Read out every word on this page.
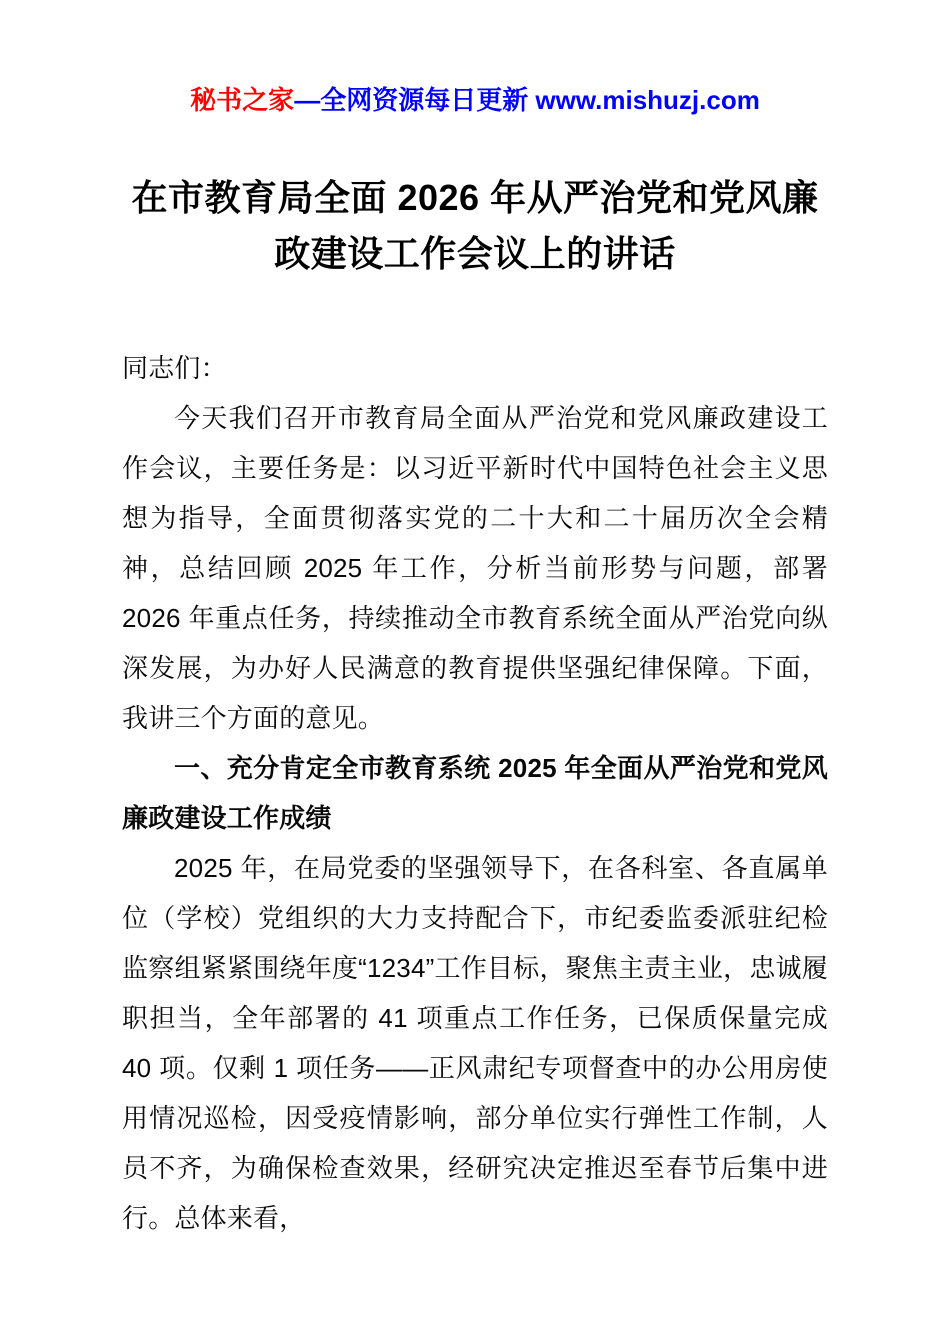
秘书之家—全网资源每日更新 www.mishuzj.com
在市教育局全面 2026 年从严治党和党风廉政建设工作会议上的讲话

同志们：

今天我们召开市教育局全面从严治党和党风廉政建设工作会议，主要任务是：以习近平新时代中国特色社会主义思想为指导，全面贯彻落实党的二十大和二十届历次全会精神，总结回顾 2025 年工作，分析当前形势与问题，部署 2026 年重点任务，持续推动全市教育系统全面从严治党向纵深发展，为办好人民满意的教育提供坚强纪律保障。下面，我讲三个方面的意见。

一、充分肯定全市教育系统 2025 年全面从严治党和党风廉政建设工作成绩

2025 年，在局党委的坚强领导下，在各科室、各直属单位（学校）党组织的大力支持配合下，市纪委监委派驻纪检监察组紧紧围绕年度“1234”工作目标，聚焦主责主业，忠诚履职担当，全年部署的 41 项重点工作任务，已保质保量完成 40 项。仅剩 1 项任务——正风肃纪专项督查中的办公用房使用情况巡检，因受疫情影响，部分单位实行弹性工作制，人员不齐，为确保检查效果，经研究决定推迟至春节后集中进行。总体来看，
